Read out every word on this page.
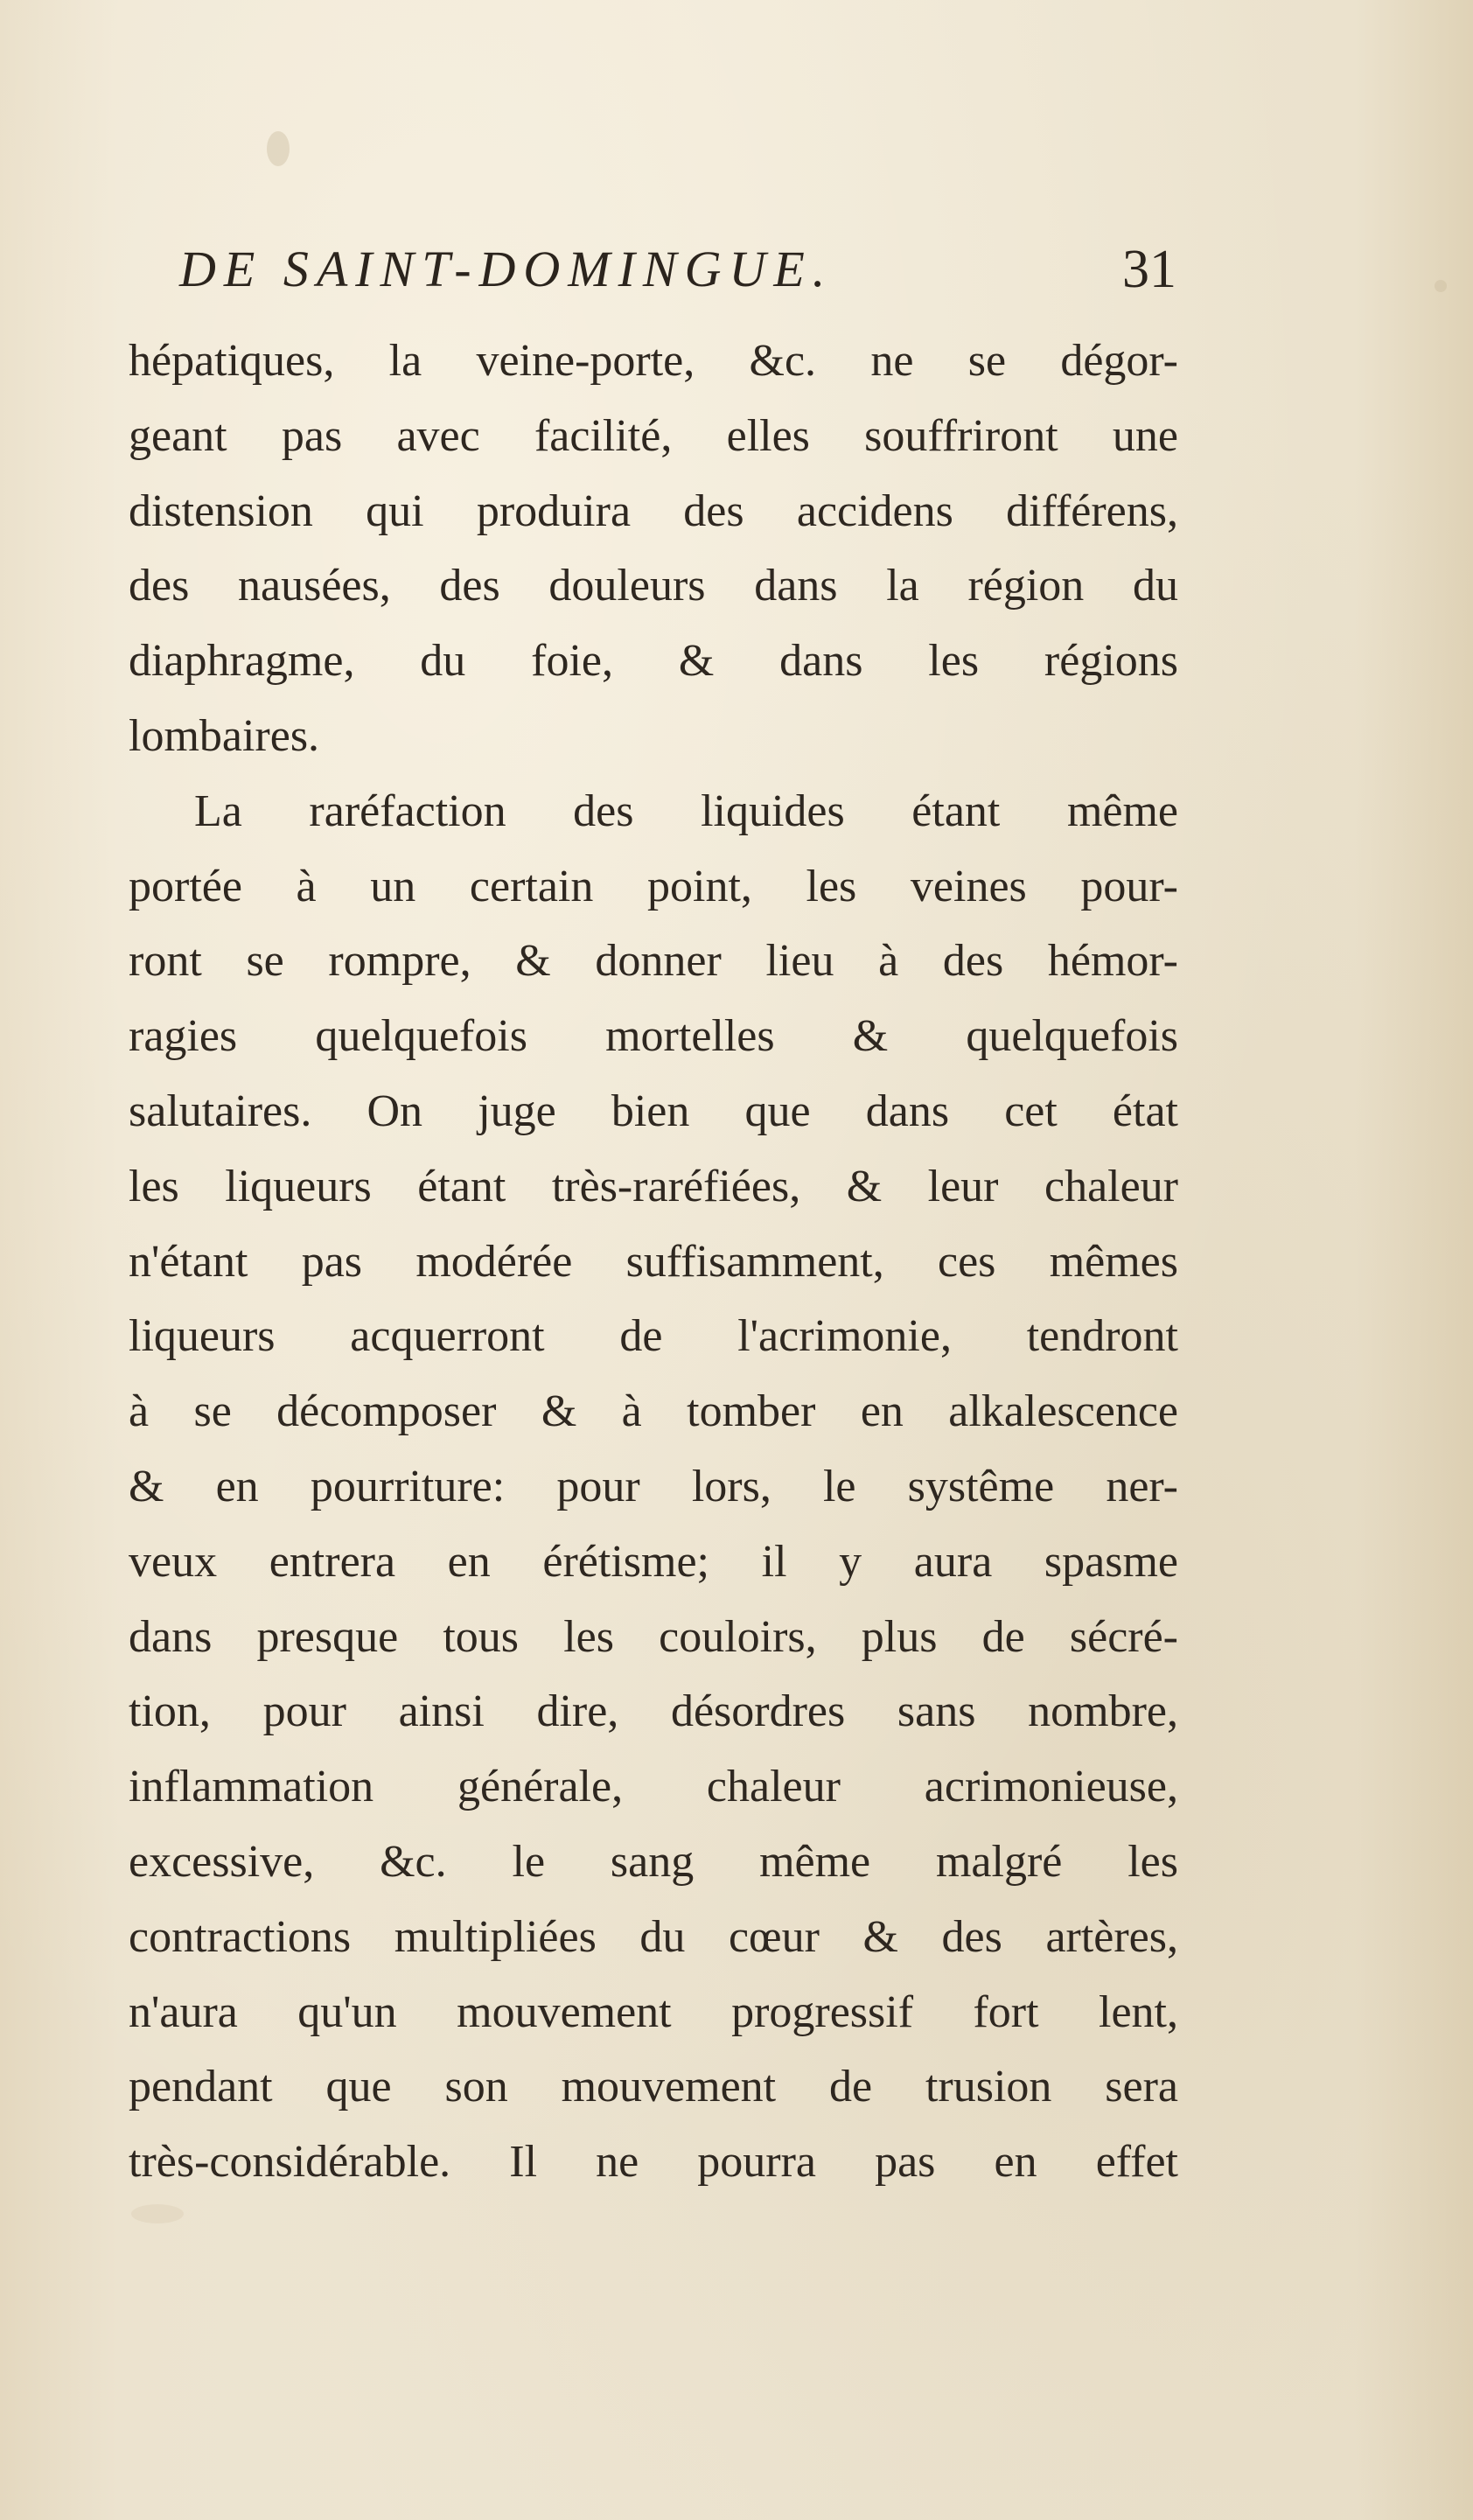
DE SAINT-DOMINGUE.	31
hépatiques, la veine-porte, &c. ne se dégor-
geant pas avec facilité, elles souffriront une
distension qui produira des accidens différens,
des nausées, des douleurs dans la région du
diaphragme, du foie, & dans les régions
lombaires.
La raréfaction des liquides étant même
portée à un certain point, les veines pour-
ront se rompre, & donner lieu à des hémor-
ragies quelquefois mortelles & quelquefois
salutaires. On juge bien que dans cet état
les liqueurs étant très-raréfiées, & leur chaleur
n'étant pas modérée suffisamment, ces mêmes
liqueurs acquerront de l'acrimonie, tendront
à se décomposer & à tomber en alkalescence
& en pourriture: pour lors, le systême ner-
veux entrera en érétisme; il y aura spasme
dans presque tous les couloirs, plus de sécré-
tion, pour ainsi dire, désordres sans nombre,
inflammation générale, chaleur acrimonieuse,
excessive, &c. le sang même malgré les
contractions multipliées du cœur & des artères,
n'aura qu'un mouvement progressif fort lent,
pendant que son mouvement de trusion sera
très-considérable. Il ne pourra pas en effet
